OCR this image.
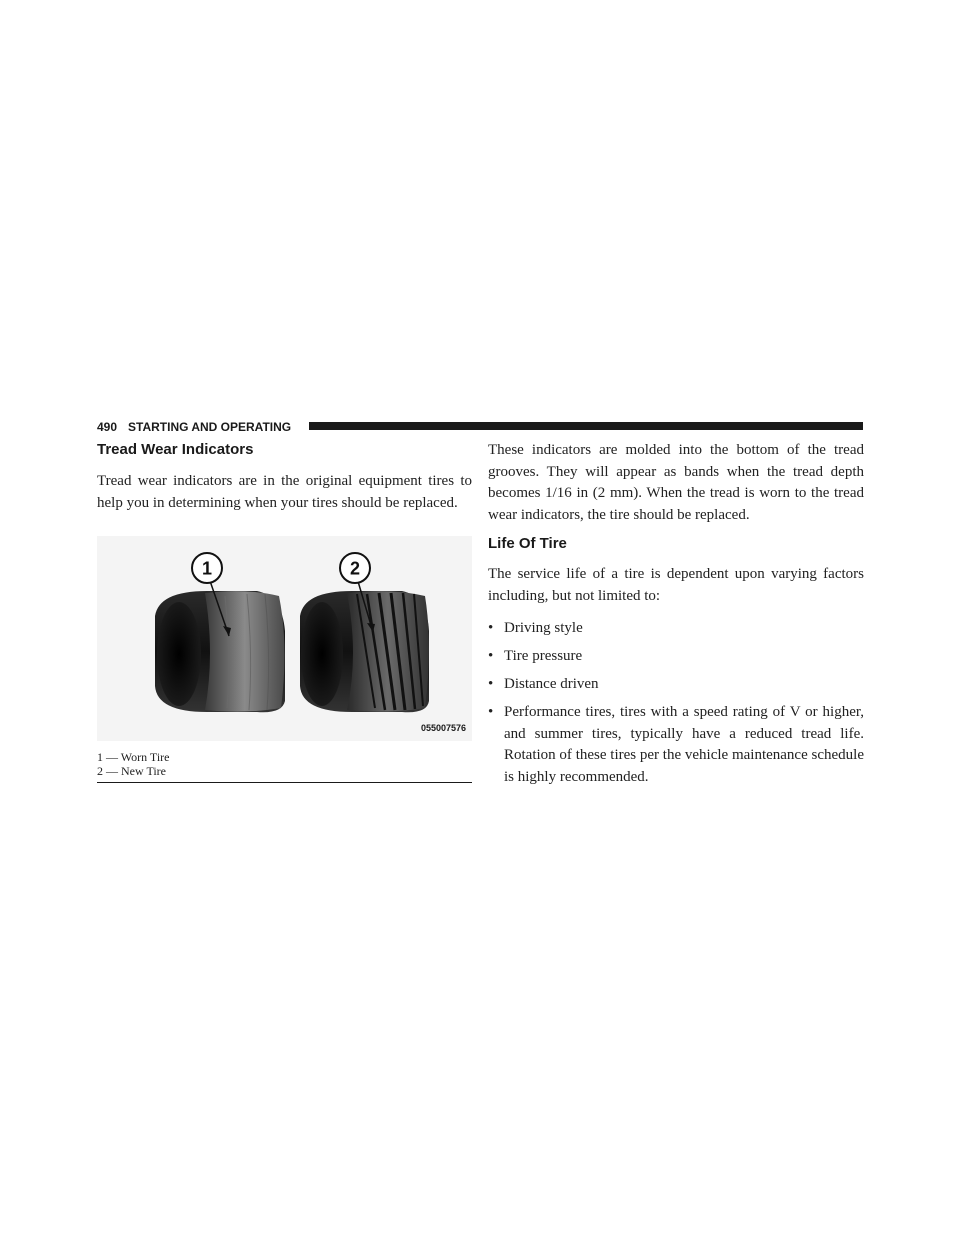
490 STARTING AND OPERATING
Tread Wear Indicators

Tread wear indicators are in the original equipment tires to help you in determining when your tires should be replaced.

1	2
055007576
1 — Worn Tire
2 — New Tire

These indicators are molded into the bottom of the tread grooves. They will appear as bands when the tread depth becomes 1/16 in (2 mm). When the tread is worn to the tread wear indicators, the tire should be replaced.

Life Of Tire

The service life of a tire is dependent upon varying factors including, but not limited to:

• Driving style
• Tire pressure
• Distance driven
• Performance tires, tires with a speed rating of V or higher, and summer tires, typically have a reduced tread life. Rotation of these tires per the vehicle maintenance schedule is highly recommended.
